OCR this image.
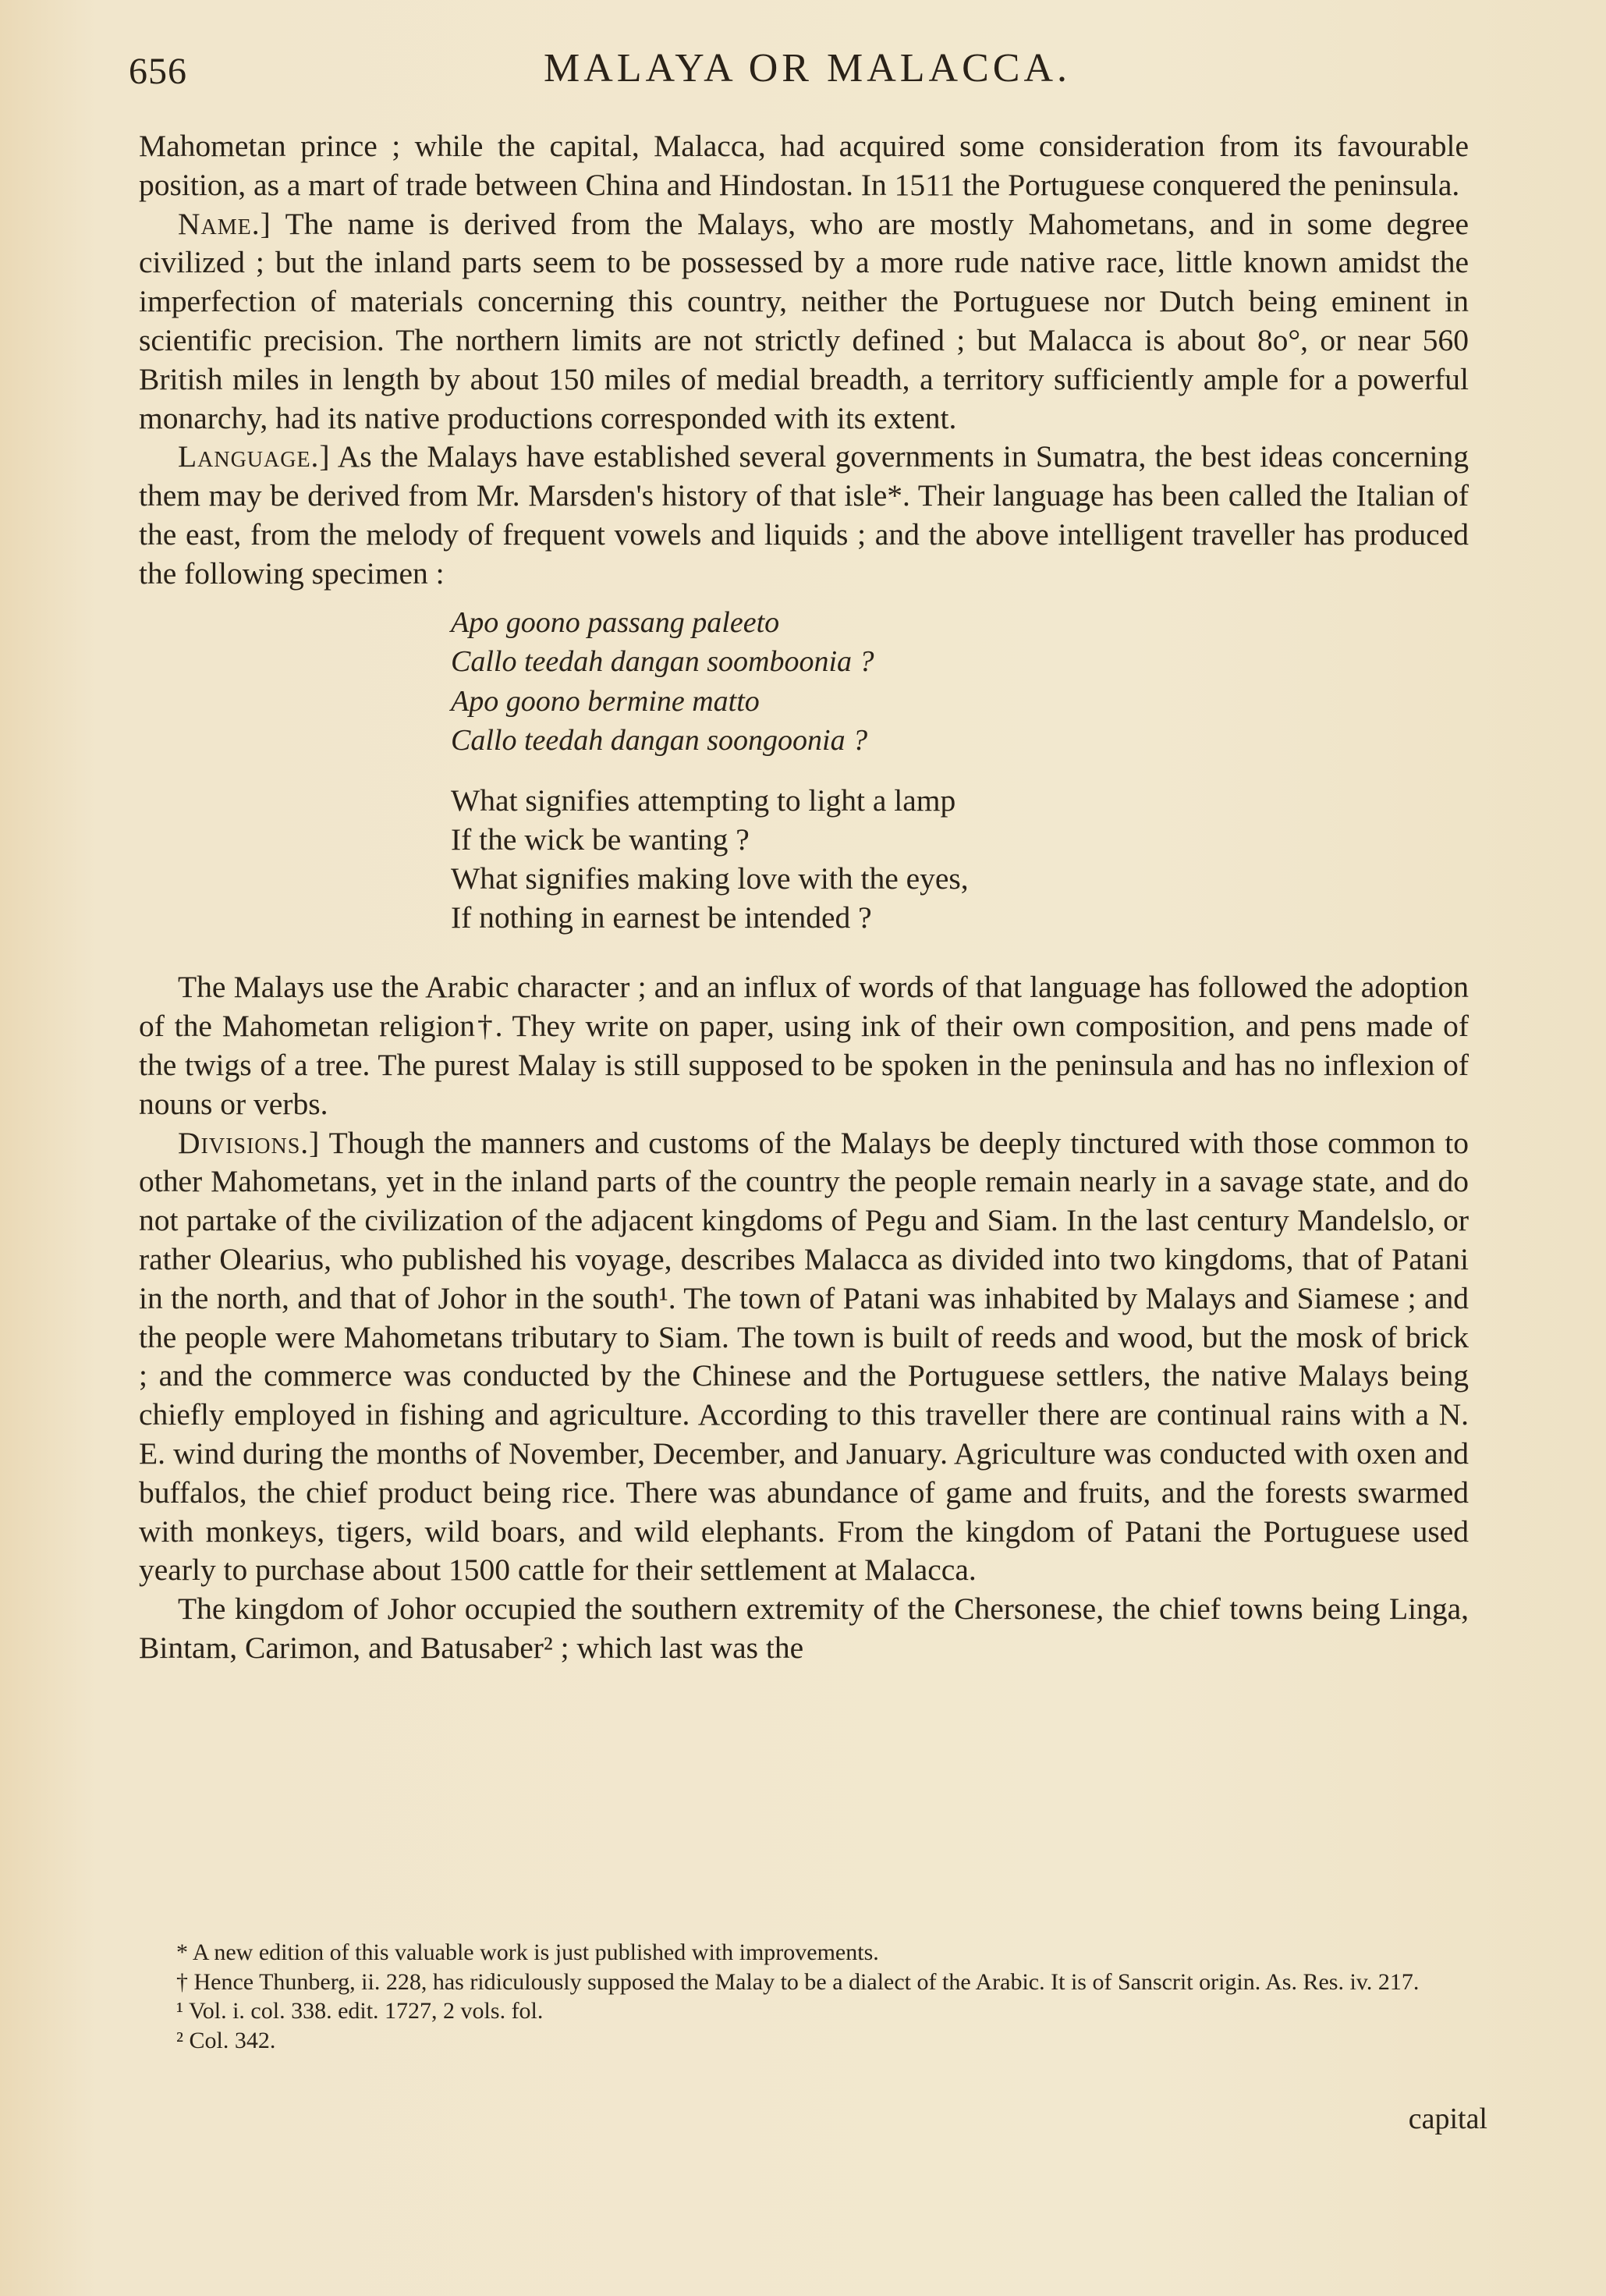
656	MALAYA OR MALACCA.

Mahometan prince ; while the capital, Malacca, had acquired some consideration from its favourable position, as a mart of trade between China and Hindostan. In 1511 the Portuguese conquered the peninsula.

Name.] The name is derived from the Malays, who are mostly Mahometans, and in some degree civilized ; but the inland parts seem to be possessed by a more rude native race, little known amidst the imperfection of materials concerning this country, neither the Portuguese nor Dutch being eminent in scientific precision. The northern limits are not strictly defined ; but Malacca is about 8o°, or near 560 British miles in length by about 150 miles of medial breadth, a territory sufficiently ample for a powerful monarchy, had its native productions corresponded with its extent.

Language.] As the Malays have established several governments in Sumatra, the best ideas concerning them may be derived from Mr. Marsden's history of that isle*. Their language has been called the Italian of the east, from the melody of frequent vowels and liquids ; and the above intelligent traveller has produced the following specimen :

Apo goono passang paleeto
Callo teedah dangan soomboonia ?
Apo goono bermine matto
Callo teedah dangan soongoonia ?
What signifies attempting to light a lamp
If the wick be wanting ?
What signifies making love with the eyes,
If nothing in earnest be intended ?

The Malays use the Arabic character ; and an influx of words of that language has followed the adoption of the Mahometan religion†. They write on paper, using ink of their own composition, and pens made of the twigs of a tree. The purest Malay is still supposed to be spoken in the peninsula and has no inflexion of nouns or verbs.

Divisions.] Though the manners and customs of the Malays be deeply tinctured with those common to other Mahometans, yet in the inland parts of the country the people remain nearly in a savage state, and do not partake of the civilization of the adjacent kingdoms of Pegu and Siam. In the last century Mandelslo, or rather Olearius, who published his voyage, describes Malacca as divided into two kingdoms, that of Patani in the north, and that of Johor in the south¹. The town of Patani was inhabited by Malays and Siamese ; and the people were Mahometans tributary to Siam. The town is built of reeds and wood, but the mosk of brick ; and the commerce was conducted by the Chinese and the Portuguese settlers, the native Malays being chiefly employed in fishing and agriculture. According to this traveller there are continual rains with a N. E. wind during the months of November, December, and January. Agriculture was conducted with oxen and buffalos, the chief product being rice. There was abundance of game and fruits, and the forests swarmed with monkeys, tigers, wild boars, and wild elephants. From the kingdom of Patani the Portuguese used yearly to purchase about 1500 cattle for their settlement at Malacca.

The kingdom of Johor occupied the southern extremity of the Chersonese, the chief towns being Linga, Bintam, Carimon, and Batusaber² ; which last was the

* A new edition of this valuable work is just published with improvements.

† Hence Thunberg, ii. 228, has ridiculously supposed the Malay to be a dialect of the Arabic. It is of Sanscrit origin. As. Res. iv. 217.

¹ Vol. i. col. 338. edit. 1727, 2 vols. fol.

² Col. 342.

capital
